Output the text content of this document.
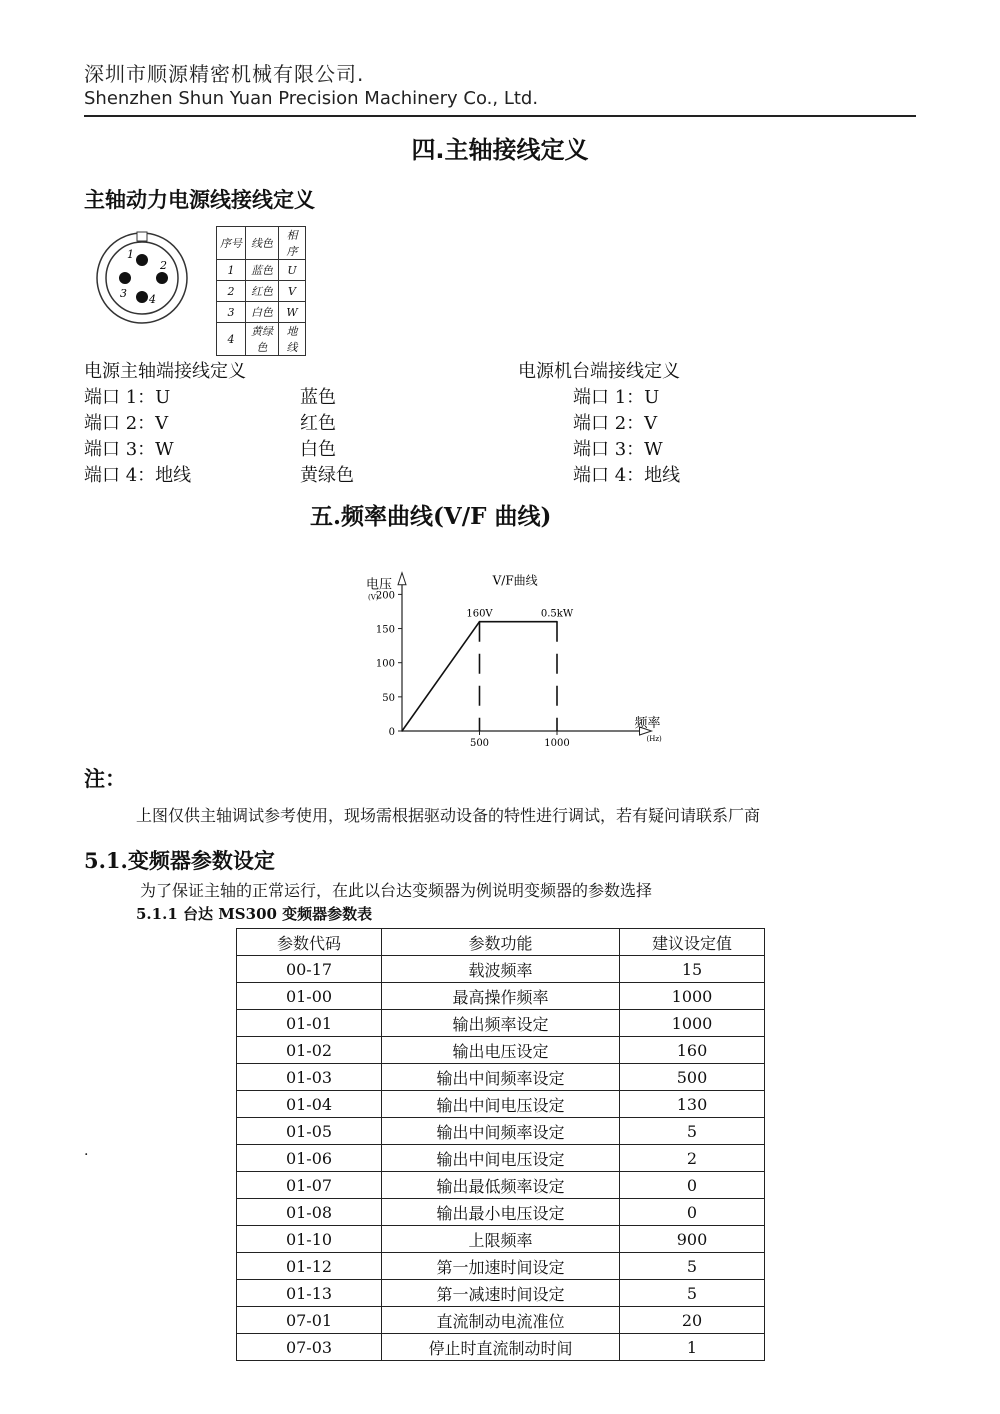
深圳市顺源精密机械有限公司.
Shenzhen Shun Yuan Precision Machinery Co., Ltd.
四.主轴接线定义
主轴动力电源线接线定义
1
2
3 4
序号	线色	相序
1	蓝色	U
2	红色	V
3	白色	W
4	黄绿色	地线
电源主轴端接线定义
端口 1：U	蓝色
端口 2：V	红色
端口 3：W	白色
端口 4：地线	黄绿色
电源机台端接线定义
端口 1：U
端口 2：V
端口 3：W
端口 4：地线
五.频率曲线(V/F 曲线)
电压
(V)
频率
(Hz)
V/F曲线
0
50
100
150
200
500	1000
160V	0.5kW
注：
上图仅供主轴调试参考使用，现场需根据驱动设备的特性进行调试，若有疑问请联系厂商
5.1.变频器参数设定
为了保证主轴的正常运行，在此以台达变频器为例说明变频器的参数选择
5.1.1 台达 MS300 变频器参数表
.
参数代码	参数功能	建议设定值
00-17	载波频率	15
01-00	最高操作频率	1000
01-01	输出频率设定	1000
01-02	输出电压设定	160
01-03	输出中间频率设定	500
01-04	输出中间电压设定	130
01-05	输出中间频率设定	5
01-06	输出中间电压设定	2
01-07	输出最低频率设定	0
01-08	输出最小电压设定	0
01-10	上限频率	900
01-12	第一加速时间设定	5
01-13	第一减速时间设定	5
07-01	直流制动电流准位	20
07-03	停止时直流制动时间	1
